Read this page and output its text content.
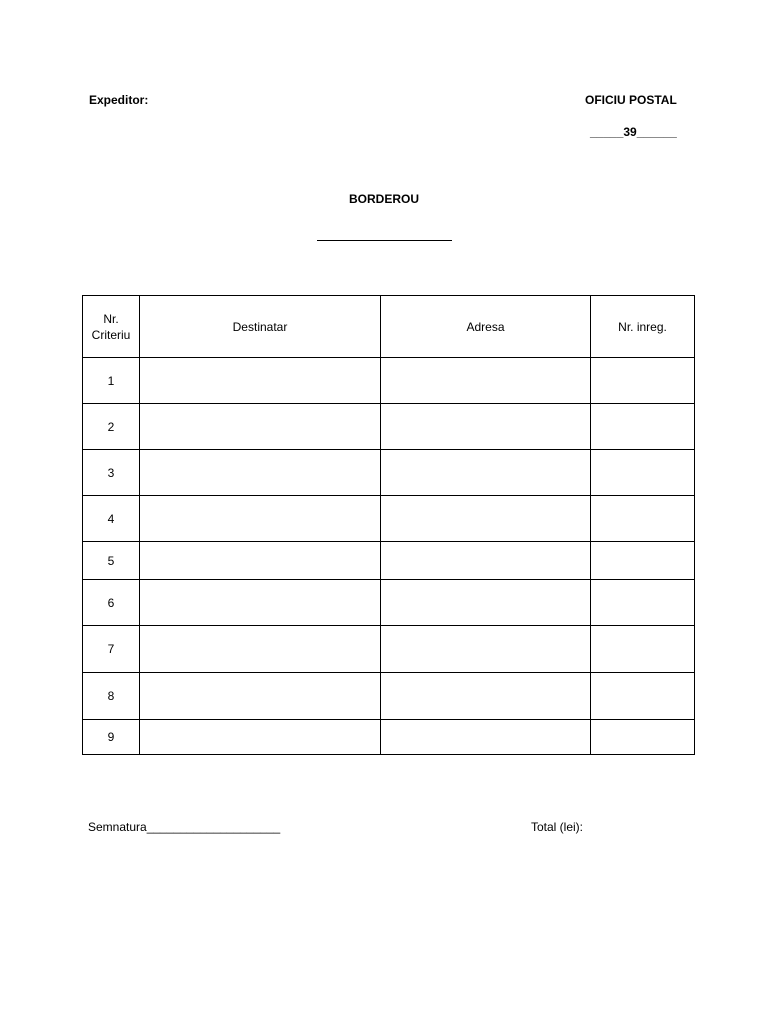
Expeditor:	OFICIU POSTAL
_____39______
BORDEROU
Nr. Criteriu	Destinatar	Adresa	Nr. inreg.
1			
2			
3			
4			
5			
6			
7			
8			
9			
Semnatura____________________	Total (lei):
